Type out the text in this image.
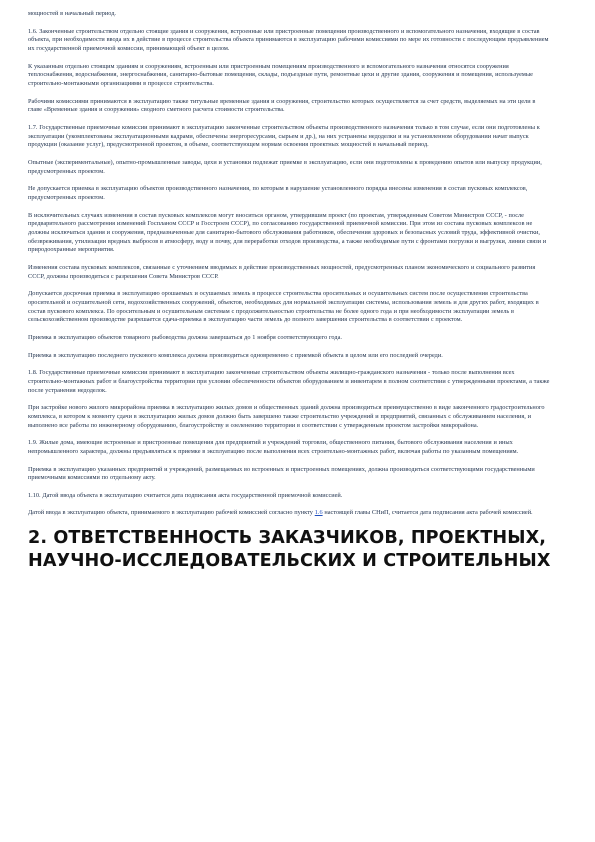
мощностей в начальный период.

1.6. Законченные строительством отдельно стоящие здания и сооружения, встроенные или пристроенные помещения производственного и вспомогательного назначения, входящие в состав объекта, при необходимости ввода их в действие в процессе строительства объекта принимаются в эксплуатацию рабочими комиссиями по мере их готовности с последующим предъявлением их государственной приемочной комиссии, принимающей объект в целом.

К указанным отдельно стоящим зданиям и сооружениям, встроенным или пристроенным помещениям производственного и вспомогательного назначения относятся сооружения теплоснабжения, водоснабжения, энергоснабжения, санитарно-бытовые помещения, склады, подъездные пути, ремонтные цехи и другие здания, сооружения и помещения, используемые строительно-монтажными организациями в процессе строительства.

Рабочими комиссиями принимаются в эксплуатацию также титульные временные здания и сооружения, строительство которых осуществляется за счет средств, выделяемых на эти цели в главе «Временные здания и сооружения» сводного сметного расчета стоимости строительства.

1.7. Государственные приемочные комиссии принимают в эксплуатацию законченные строительством объекты производственного назначения только в том случае, если они подготовлены к эксплуатации (укомплектованы эксплуатационными кадрами, обеспечены энергоресурсами, сырьем и др.), на них устранены недоделки и на установленном оборудовании начат выпуск продукции (оказание услуг), предусмотренной проектом, в объеме, соответствующем нормам освоения проектных мощностей в начальный период.

Опытные (экспериментальные), опытно-промышленные заводы, цехи и установки подлежат приемке в эксплуатацию, если они подготовлены к проведению опытов или выпуску продукции, предусмотренных проектом.

Не допускается приемка в эксплуатацию объектов производственного назначения, по которым в нарушение установленного порядка внесены изменения в состав пусковых комплексов, предусмотренных проектом.

В исключительных случаях изменения в состав пусковых комплексов могут вноситься органом, утвердившим проект (по проектам, утвержденным Советом Министров СССР, - после предварительного рассмотрения изменений Госпланом СССР и Госстроем СССР), по согласованию государственной приемочной комиссии. При этом из состава пусковых комплексов не должны исключаться здания и сооружения, предназначенные для санитарно-бытового обслуживания работников, обеспечения здоровых и безопасных условий труда, эффективной очистки, обезвреживания, утилизации вредных выбросов в атмосферу, воду и почву, для переработки отходов производства, а также необходимые пути с фронтами погрузки и выгрузки, линии связи и природоохранные мероприятия.

Изменения состава пусковых комплексов, связанные с уточнением вводимых в действие производственных мощностей, предусмотренных планом экономического и социального развития СССР, должны производиться с разрешения Совета Министров СССР.

Допускается досрочная приемка в эксплуатацию орошаемых и осушаемых земель в процессе строительства оросительных и осушительных систем после осуществления строительства оросительной и осушительной сети, водохозяйственных сооружений, объектов, необходимых для нормальной эксплуатации системы, использования земель и для других работ, входящих в состав пускового комплекса. По оросительным и осушительным системам с продолжительностью строительства не более одного года и при необходимости эксплуатации земель в сельскохозяйственном производстве разрешается сдача-приемка в эксплуатацию части земель до полного завершения строительства в соответствии с проектом.

Приемка в эксплуатацию объектов товарного рыбоводства должна завершаться до 1 ноября соответствующего года.

Приемка в эксплуатацию последнего пускового комплекса должна производиться одновременно с приемкой объекта в целом или его последней очереди.

1.8. Государственные приемочные комиссии принимают в эксплуатацию законченные строительством объекты жилищно-гражданского назначения - только после выполнения всех строительно-монтажных работ и благоустройства территории при условии обеспеченности объектов оборудованием и инвентарем в полном соответствии с утвержденными проектами, а также после устранения недоделок.

При застройке нового жилого микрорайона приемка в эксплуатацию жилых домов и общественных зданий должна производиться преимущественно в виде законченного градостроительного комплекса, в котором к моменту сдачи в эксплуатацию жилых домов должно быть завершено также строительство учреждений и предприятий, связанных с обслуживанием населения, и выполнено все работы по инженерному оборудованию, благоустройству и озеленению территории в соответствии с утвержденным проектом застройки микрорайона.

1.9. Жилые дома, имеющие встроенные и пристроенные помещения для предприятий и учреждений торговли, общественного питания, бытового обслуживания населения и иных непромышленного характера, должны предъявляться к приемке в эксплуатацию после выполнения всех строительно-монтажных работ, включая работы по указанным помещениям.

Приемка в эксплуатацию указанных предприятий и учреждений, размещаемых во встроенных и пристроенных помещениях, должна производиться соответствующими государственными приемочными комиссиями по отдельному акту.

1.10. Датой ввода объекта в эксплуатацию считается дата подписания акта государственной приемочной комиссией.

Датой ввода в эксплуатацию объекта, принимаемого в эксплуатацию рабочей комиссией согласно пункту 1.6 настоящей главы СНиП, считается дата подписания акта рабочей комиссией.

2. ОТВЕТСТВЕННОСТЬ ЗАКАЗЧИКОВ, ПРОЕКТНЫХ,
НАУЧНО-ИССЛЕДОВАТЕЛЬСКИХ И СТРОИТЕЛЬНЫХ
